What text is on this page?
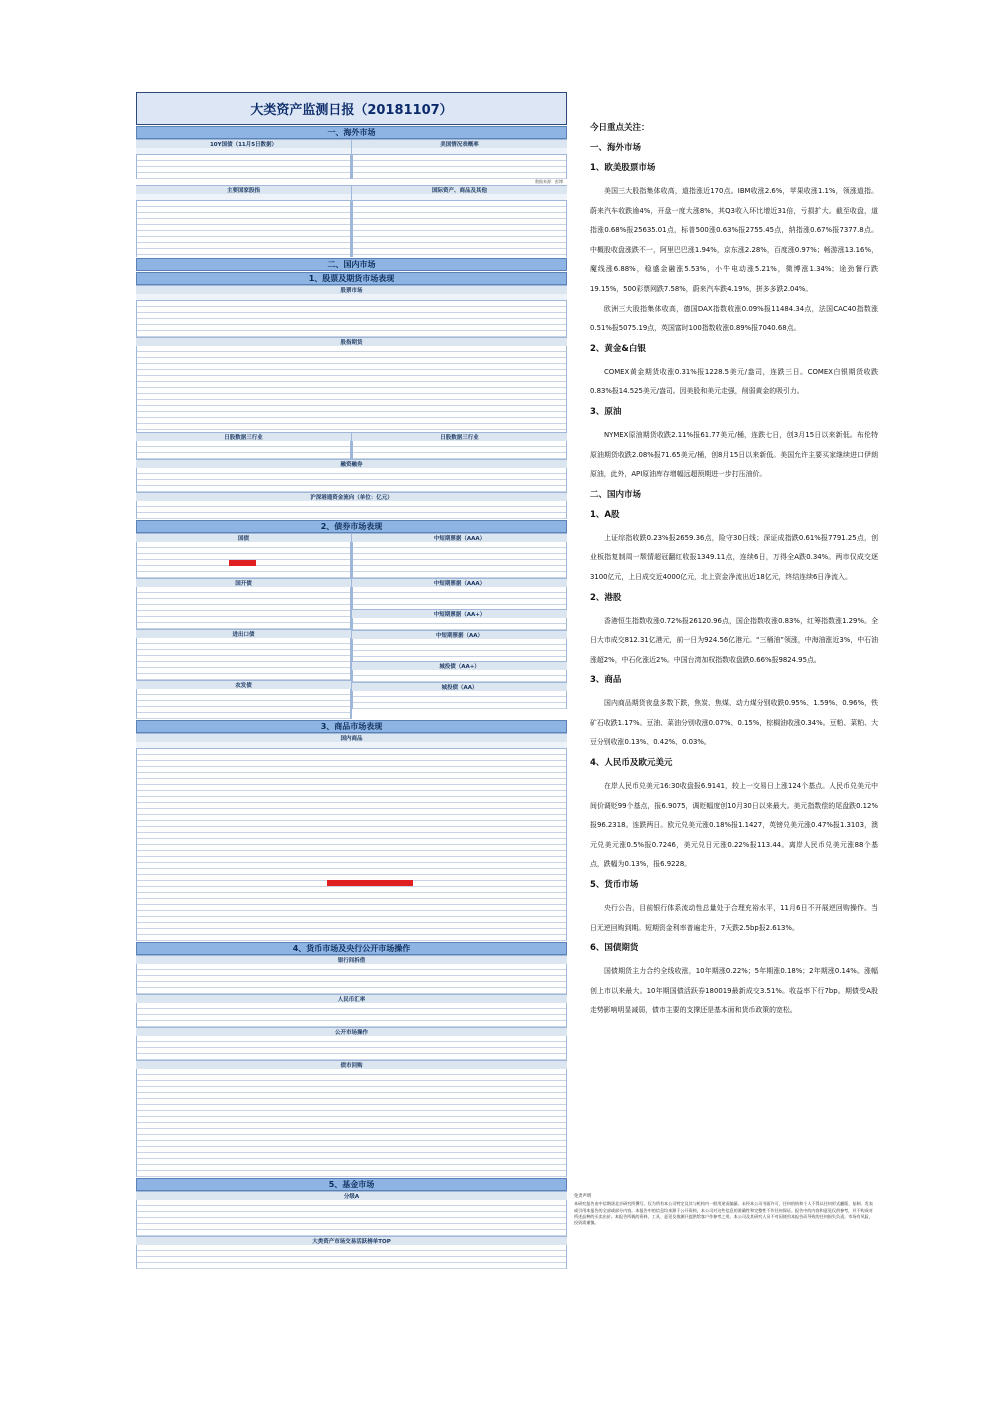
大类资产监测日报（20181107）
一、海外市场
10Y国债（11月5日数据）	美国情况表概率
数据来源：彭博
主要国家股指	国际资产、商品及其他
二、国内市场
1、股票及期货市场表现
股票市场
股指期货
日股数据三行业	日股数据三行业
融资融券
沪深港通资金流向（单位：亿元）
2、债券市场表现
国债
国开债
进出口债
农发债
中短期票据（AAA）
中短期票据（AAA）
中短期票据（AA+）
中短期票据（AA）
城投债（AA+）
城投债（AA）
3、商品市场表现
国内商品
4、货币市场及央行公开市场操作
银行间拆借
人民币汇率
公开市场操作
债市回购
5、基金市场
分级A
大类资产市场交易活跃榜单TOP
今日重点关注：
一、海外市场
1、欧美股票市场

美国三大股指集体收高，道指涨近170点。IBM收涨2.6%，苹果收涨1.1%，领涨道指。蔚来汽车收跌逾4%，开盘一度大涨8%，其Q3收入环比增近31倍，亏损扩大。截至收盘，道指涨0.68%报25635.01点，标普500涨0.63%报2755.45点，纳指涨0.67%报7377.8点。中概股收盘涨跌不一，阿里巴巴涨1.94%，京东涨2.28%，百度涨0.97%；畅游涨13.16%，魔线涨6.88%，稳盛金融涨5.53%，小牛电动涨5.21%，微博涨1.34%；途劲餐行跌19.15%，500彩票网跌7.58%，蔚来汽车跌4.19%，拼多多跌2.04%。

欧洲三大股指集体收高，德国DAX指数收涨0.09%报11484.34点，法国CAC40指数涨0.51%报5075.19点，英国富时100指数收涨0.89%报7040.68点。

2、黄金&白银

COMEX黄金期货收涨0.31%报1228.5美元/盎司，连跌三日。COMEX白银期货收跌0.83%报14.525美元/盎司。因美股和美元走强，削弱黄金的吸引力。

3、原油

NYMEX原油期货收跌2.11%报61.77美元/桶，连跌七日，创3月15日以来新低。布伦特原油期货收跌2.08%报71.65美元/桶，创8月15日以来新低。美国允许主要买家继续进口伊朗原油，此外，API原油库存增幅远超预期进一步打压油价。

二、国内市场
1、A股

上证综指收跌0.23%报2659.36点，险守30日线；深证成指跌0.61%报7791.25点，创业板指复制周一颓情超冠翻红收报1349.11点，连续6日，万得全A跌0.34%。两市仅成交逐3100亿元，上日成交近4000亿元，北上资金净流出近18亿元，终结连续6日净流入。

2、港股

香港恒生指数收涨0.72%报26120.96点，国企指数收涨0.83%，红筹指数涨1.29%。全日大市成交812.31亿港元，前一日为924.56亿港元。“三桶油”领涨，中海油涨近3%，中石油涨超2%，中石化涨近2%。中国台湾加权指数收盘跌0.66%报9824.95点。

3、商品

国内商品期货夜盘多数下跌，焦炭、焦煤、动力煤分别收跌0.95%、1.59%、0.96%，铁矿石收跌1.17%。豆油、菜油分别收涨0.07%、0.15%，棕榈油收涨0.34%。豆粕、菜粕、大豆分别收涨0.13%、0.42%、0.03%。

4、人民币及欧元美元

在岸人民币兑美元16:30收盘报6.9141，较上一交易日上涨124个基点。人民币兑美元中间价调贬99个基点，报6.9075，调贬幅度创10月30日以来最大。美元指数偿的尾盘跌0.12%报96.2318。连跌两日。欧元兑美元涨0.18%报1.1427，英镑兑美元涨0.47%报1.3103，澳元兑美元涨0.5%报0.7246，美元兑日元涨0.22%报113.44。离岸人民币兑美元涨88个基点，跌幅为0.13%，报6.9228。

5、货币市场

央行公告，目前银行体系流动性总量处于合理充裕水平，11月6日不开展逆回购操作。当日无逆回购到期。短期资金利率普遍走升，7天跌2.5bp报2.613%。

6、国债期货

国债期货主力合约全线收涨，10年期涨0.22%；5年期涨0.18%；2年期涨0.14%。涨幅创上市以来最大。10年期国债活跃券180019最新成交3.51%。收益率下行7bp。期债受A股走势影响明显减弱，债市主要的支撑还是基本面和货币政策的宽松。

免责声明
本研究报告由中信期货北京研究所撰写。仅为所有本公司特定及其与机构内一般用途而编纂，未经本公司书面许可，任何机构和个人不得以任何形式翻版、复制、发表或引用本报告的全部或部分内容。本报告中的信息均来源于公开资料，本公司对这些信息的准确性和完整性不作任何保证。报告中的内容和意见仅供参考，并不构成对所述品种的买卖出价。本报告所载的资料、工具、意见及推测只提供给客户作参考之用。本公司及其研究人员不对因使用本报告而导致的任何损失负责。市场有风险，投资需谨慎。
